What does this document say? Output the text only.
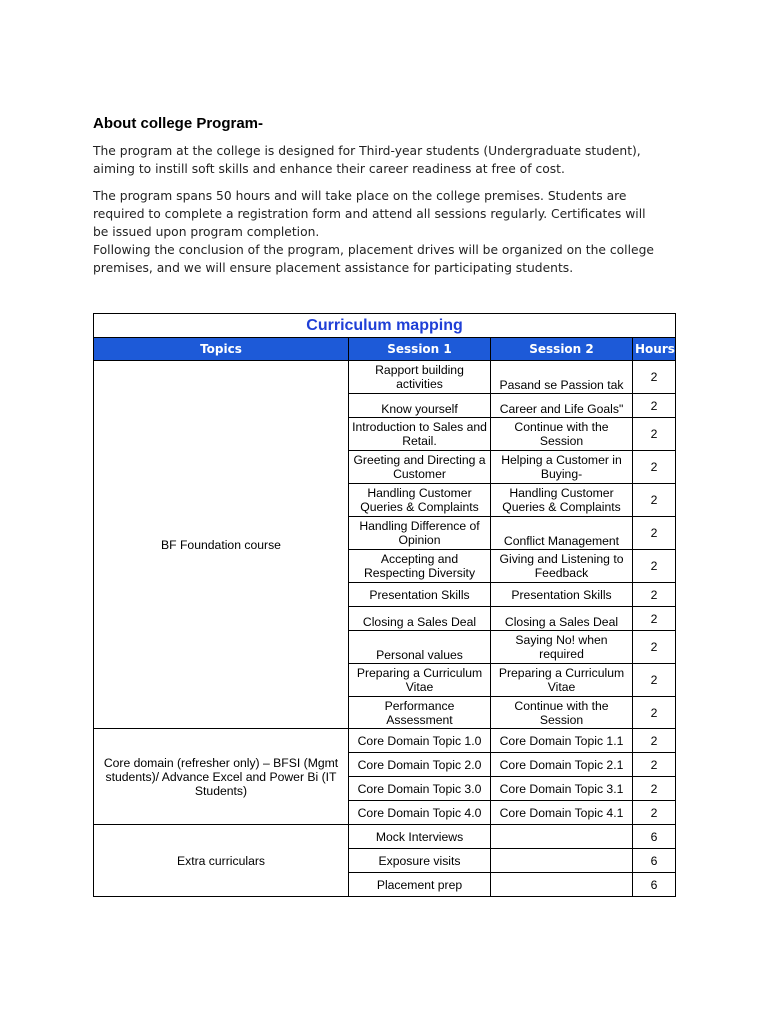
About college Program-
The program at the college is designed for Third-year students (Undergraduate student),
aiming to instill soft skills and enhance their career readiness at free of cost.
The program spans 50 hours and will take place on the college premises. Students are
required to complete a registration form and attend all sessions regularly. Certificates will
be issued upon program completion.
Following the conclusion of the program, placement drives will be organized on the college
premises, and we will ensure placement assistance for participating students.
Curriculum mapping			
Topics	Session 1	Session 2	Hours
BF Foundation course	Rapport building activities	Pasand se Passion tak	2
	Know yourself	Career and Life Goals"	2
	Introduction to Sales and Retail.	Continue with the Session	2
	Greeting and Directing a Customer	Helping a Customer in Buying-	2
	Handling Customer Queries & Complaints	Handling Customer Queries & Complaints	2
	Handling Difference of Opinion	Conflict Management	2
	Accepting and Respecting Diversity	Giving and Listening to Feedback	2
	Presentation Skills	Presentation Skills	2
	Closing a Sales Deal	Closing a Sales Deal	2
	Personal values	Saying No! when required	2
	Preparing a Curriculum Vitae	Preparing a Curriculum Vitae	2
	Performance Assessment	Continue with the Session	2
Core domain (refresher only) – BFSI (Mgmt students)/ Advance Excel and Power Bi (IT Students)	Core Domain Topic 1.0	Core Domain Topic 1.1	2
	Core Domain Topic 2.0	Core Domain Topic 2.1	2
	Core Domain Topic 3.0	Core Domain Topic 3.1	2
	Core Domain Topic 4.0	Core Domain Topic 4.1	2
Extra curriculars	Mock Interviews		6
	Exposure visits		6
	Placement prep		6
